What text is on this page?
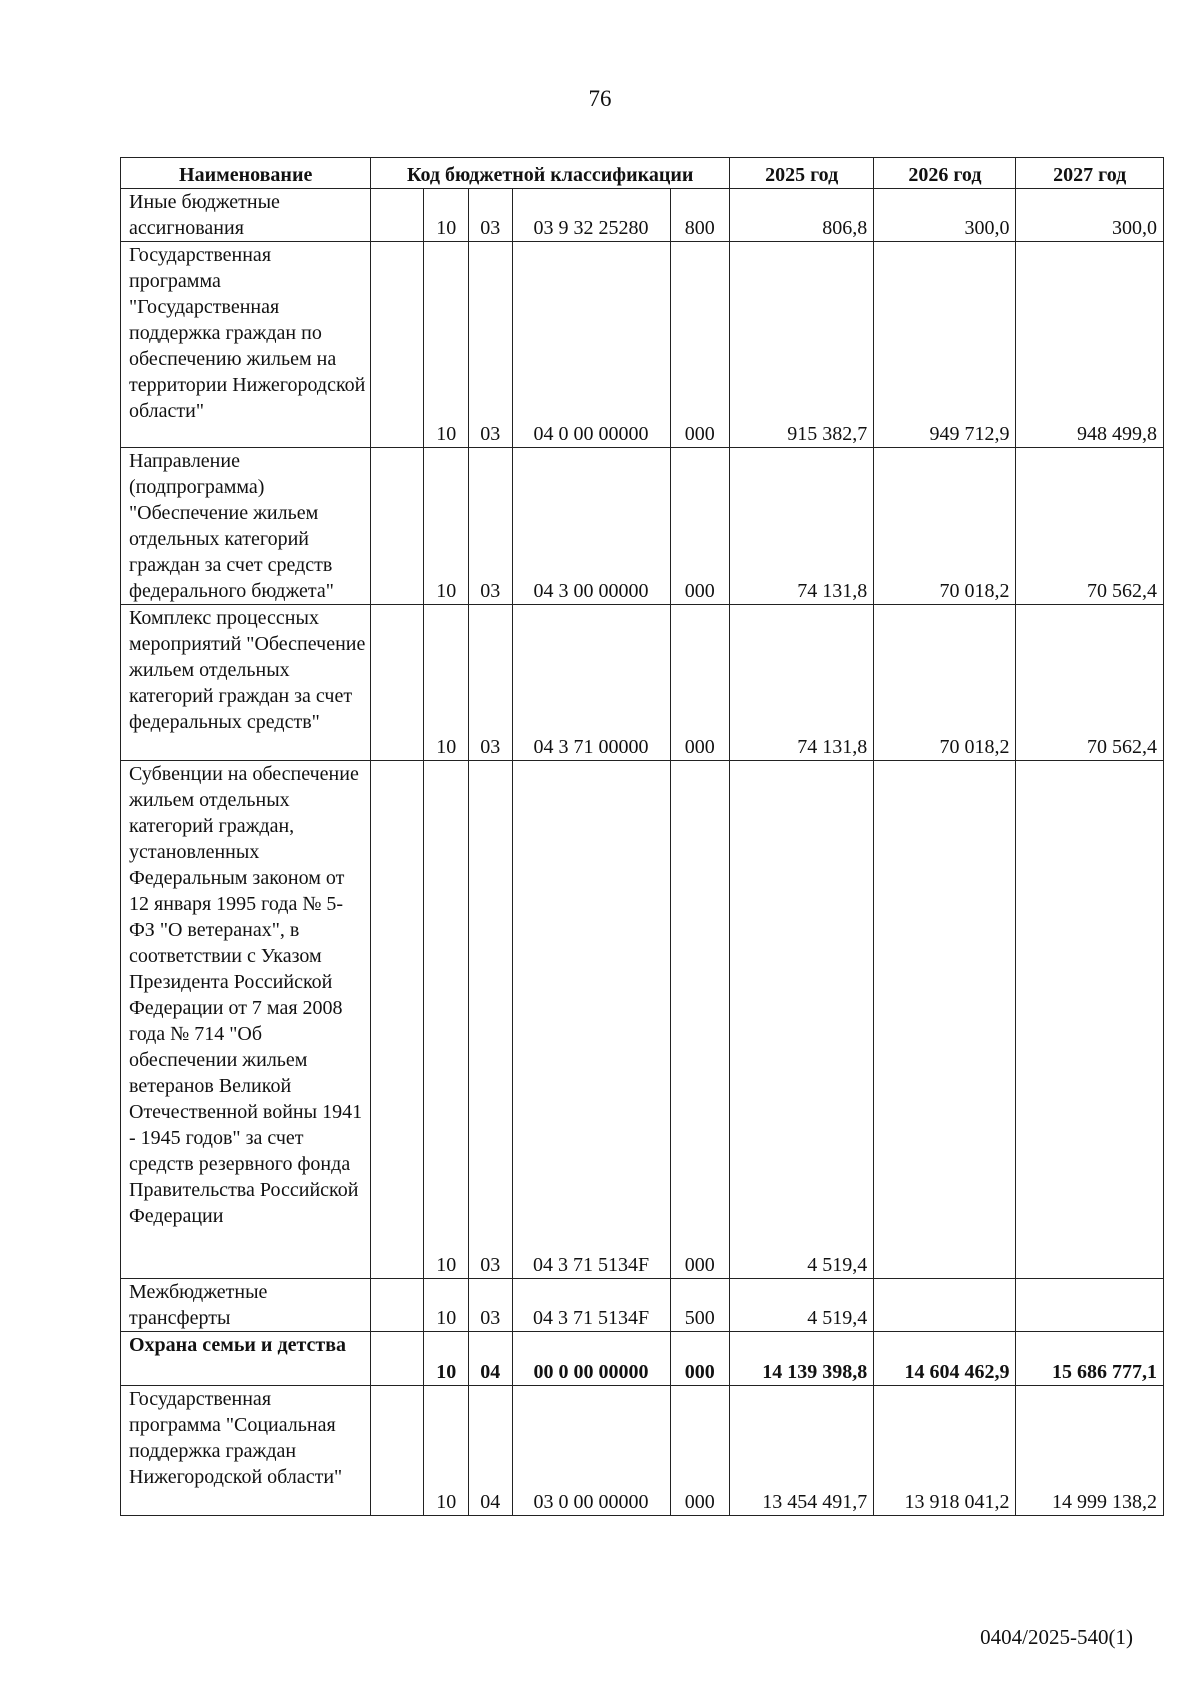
76
Наименование	Код бюджетной классификации					2025 год	2026 год	2027 год
Иные бюджетные ассигнования		10	03	03 9 32 25280	800	806,8	300,0	300,0
Государственная программа "Государственная поддержка граждан по обеспечению жильем на территории Нижегородской области"		10	03	04 0 00 00000	000	915 382,7	949 712,9	948 499,8
Направление (подпрограмма) "Обеспечение жильем отдельных категорий граждан за счет средств федерального бюджета"		10	03	04 3 00 00000	000	74 131,8	70 018,2	70 562,4
Комплекс процессных мероприятий "Обеспечение жильем отдельных категорий граждан за счет федеральных средств"		10	03	04 3 71 00000	000	74 131,8	70 018,2	70 562,4
Субвенции на обеспечение жильем отдельных категорий граждан, установленных Федеральным законом от 12 января 1995 года № 5-ФЗ "О ветеранах", в соответствии с Указом Президента Российской Федерации от 7 мая 2008 года № 714 "Об обеспечении жильем ветеранов Великой Отечественной войны 1941 - 1945 годов" за счет средств резервного фонда Правительства Российской Федерации		10	03	04 3 71 5134F	000	4 519,4		
Межбюджетные трансферты		10	03	04 3 71 5134F	500	4 519,4		
Охрана семьи и детства		10	04	00 0 00 00000	000	14 139 398,8	14 604 462,9	15 686 777,1
Государственная программа "Социальная поддержка граждан Нижегородской области"		10	04	03 0 00 00000	000	13 454 491,7	13 918 041,2	14 999 138,2
0404/2025-540(1)
